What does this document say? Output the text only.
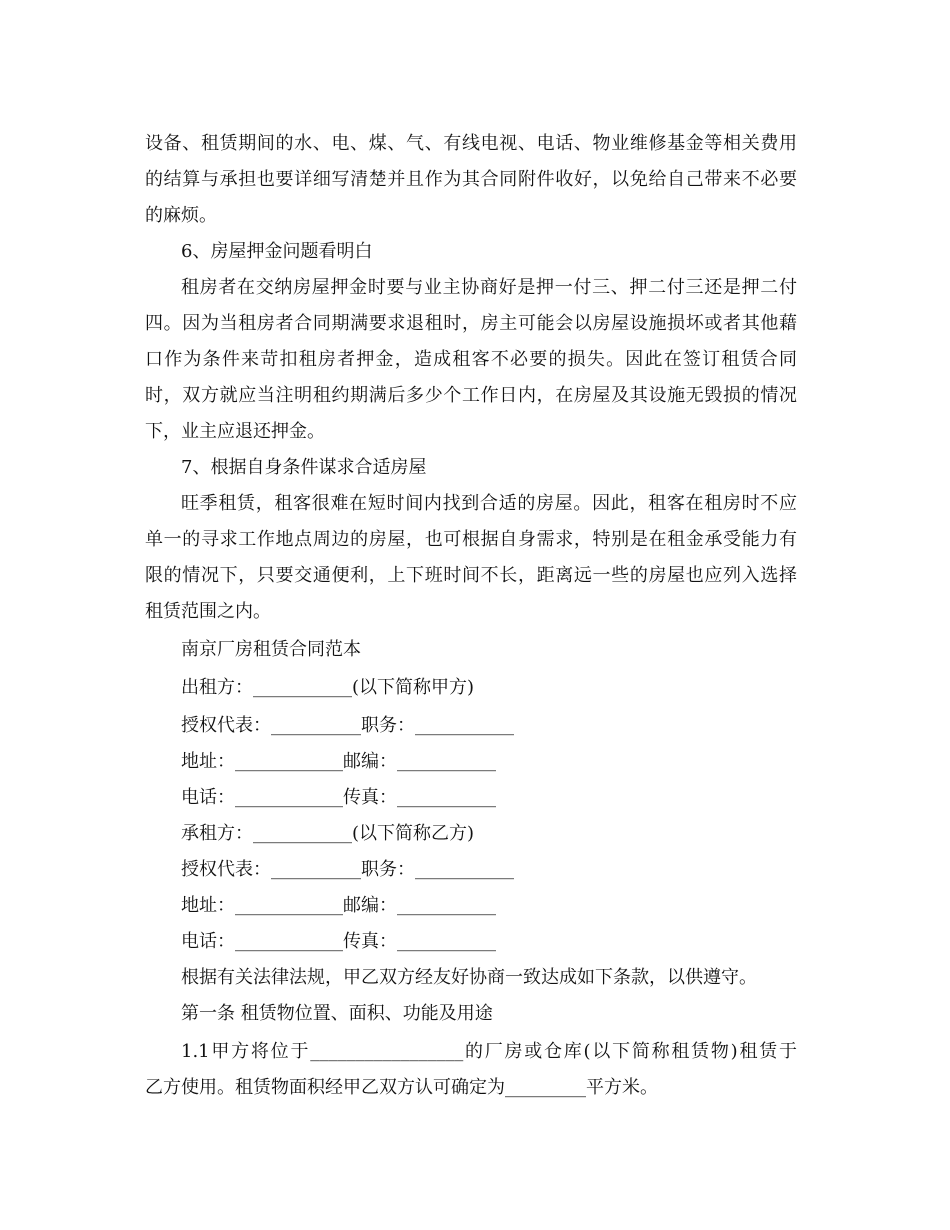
设备、租赁期间的水、电、煤、气、有线电视、电话、物业维修基金等相关费用
的结算与承担也要详细写清楚并且作为其合同附件收好，以免给自己带来不必要
的麻烦。
6、房屋押金问题看明白
租房者在交纳房屋押金时要与业主协商好是押一付三、押二付三还是押二付
四。因为当租房者合同期满要求退租时，房主可能会以房屋设施损坏或者其他藉
口作为条件来苛扣租房者押金，造成租客不必要的损失。因此在签订租赁合同
时，双方就应当注明租约期满后多少个工作日内，在房屋及其设施无毁损的情况
下，业主应退还押金。
7、根据自身条件谋求合适房屋
旺季租赁，租客很难在短时间内找到合适的房屋。因此，租客在租房时不应
单一的寻求工作地点周边的房屋，也可根据自身需求，特别是在租金承受能力有
限的情况下，只要交通便利，上下班时间不长，距离远一些的房屋也应列入选择
租赁范围之内。
南京厂房租赁合同范本
出租方：___________(以下简称甲方)
授权代表：__________职务：___________
地址：____________邮编：___________
电话：____________传真：___________
承租方：___________(以下简称乙方)
授权代表：__________职务：___________
地址：____________邮编：___________
电话：____________传真：___________
根据有关法律法规，甲乙双方经友好协商一致达成如下条款，以供遵守。
第一条 租赁物位置、面积、功能及用途
1.1甲方将位于_________________的厂房或仓库(以下简称租赁物)租赁于
乙方使用。租赁物面积经甲乙双方认可确定为_________平方米。
